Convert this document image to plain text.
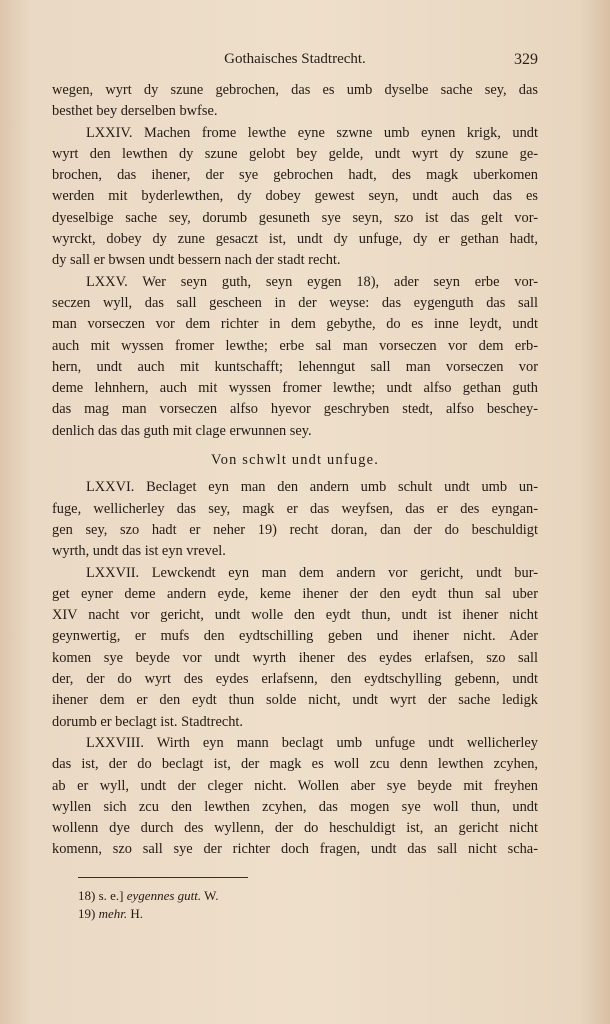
Gothaisches Stadtrecht.	329
wegen, wyrt dy szune gebrochen, das es umb dyselbe sache sey, das
besthet bey derselben bwfse.
LXXIV. Machen frome lewthe eyne szwne umb eynen krigk, undt
wyrt den lewthen dy szune gelobt bey gelde, undt wyrt dy szune ge-
brochen, das ihener, der sye gebrochen hadt, des magk uberkomen
werden mit byderlewthen, dy dobey gewest seyn, undt auch das es
dyeselbige sache sey, dorumb gesuneth sye seyn, szo ist das gelt vor-
wyrckt, dobey dy zune gesaczt ist, undt dy unfuge, dy er gethan hadt,
dy sall er bwsen undt bessern nach der stadt recht.
LXXV. Wer seyn guth, seyn eygen 18), ader seyn erbe vor-
seczen wyll, das sall gescheen in der weyse: das eygenguth das sall
man vorseczen vor dem richter in dem gebythe, do es inne leydt, undt
auch mit wyssen fromer lewthe; erbe sal man vorseczen vor dem erb-
hern, undt auch mit kuntschafft; lehenngut sall man vorseczen vor
deme lehnhern, auch mit wyssen fromer lewthe; undt alfso gethan guth
das mag man vorseczen alfso hyevor geschryben stedt, alfso beschey-
denlich das das guth mit clage erwunnen sey.
Von schwlt undt unfuge.
LXXVI. Beclaget eyn man den andern umb schult undt umb un-
fuge, wellicherley das sey, magk er das weyfsen, das er des eyngan-
gen sey, szo hadt er neher 19) recht doran, dan der do beschuldigt
wyrth, undt das ist eyn vrevel.
LXXVII. Lewckendt eyn man dem andern vor gericht, undt bur-
get eyner deme andern eyde, keme ihener der den eydt thun sal uber
XIV nacht vor gericht, undt wolle den eydt thun, undt ist ihener nicht
geynwertig, er mufs den eydtschilling geben und ihener nicht. Ader
komen sye beyde vor undt wyrth ihener des eydes erlafsen, szo sall
der, der do wyrt des eydes erlafsenn, den eydtschylling gebenn, undt
ihener dem er den eydt thun solde nicht, undt wyrt der sache ledigk
dorumb er beclagt ist. Stadtrecht.
LXXVIII. Wirth eyn mann beclagt umb unfuge undt wellicherley
das ist, der do beclagt ist, der magk es woll zcu denn lewthen zcyhen,
ab er wyll, undt der cleger nicht. Wollen aber sye beyde mit freyhen
wyllen sich zcu den lewthen zcyhen, das mogen sye woll thun, undt
wollenn dye durch des wyllenn, der do heschuldigt ist, an gericht nicht
komenn, szo sall sye der richter doch fragen, undt das sall nicht scha-
18) s. e.] eygennes gutt. W.
19) mehr. H.
